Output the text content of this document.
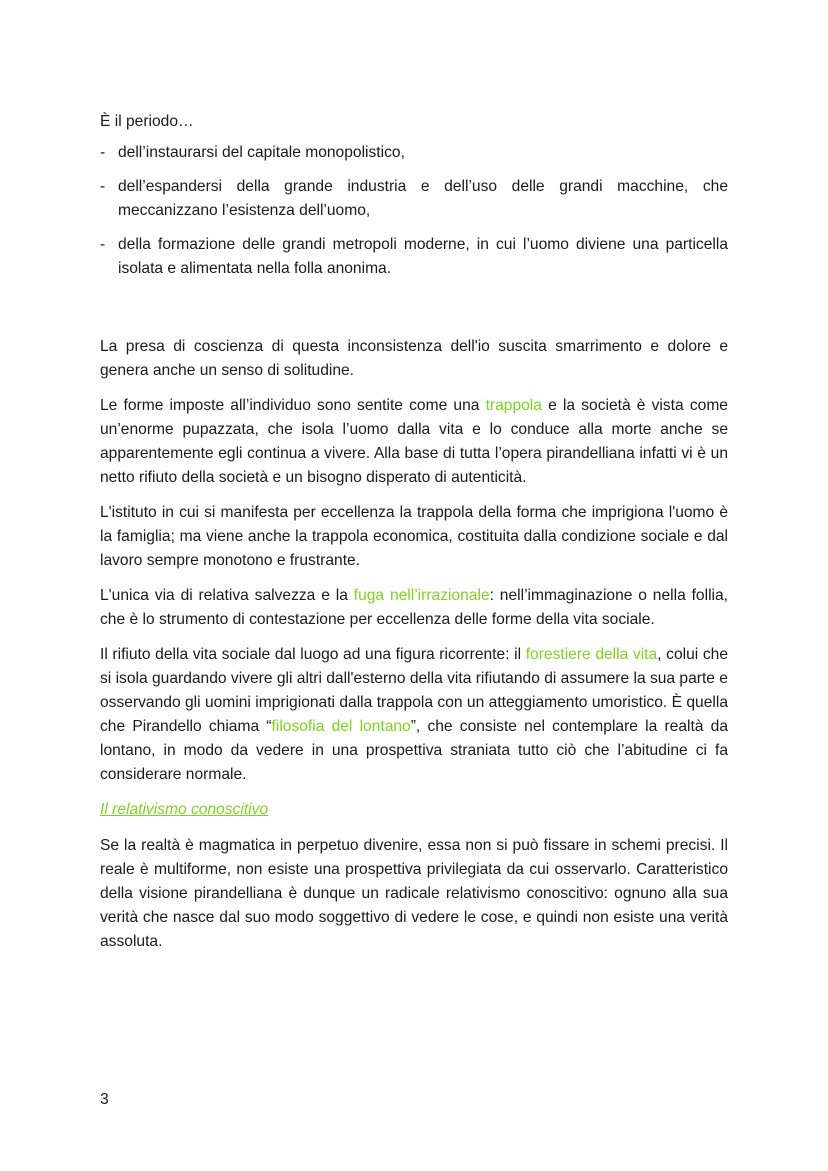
È il periodo…

- dell’instaurarsi del capitale monopolistico,
- dell’espandersi della grande industria e dell’uso delle grandi macchine, che meccanizzano l’esistenza dell’uomo,
- della formazione delle grandi metropoli moderne, in cui l’uomo diviene una particella isolata e alimentata nella folla anonima.

La presa di coscienza di questa inconsistenza dell'io suscita smarrimento e dolore e genera anche un senso di solitudine.

Le forme imposte all’individuo sono sentite come una trappola e la società è vista come un’enorme pupazzata, che isola l’uomo dalla vita e lo conduce alla morte anche se apparentemente egli continua a vivere. Alla base di tutta l’opera pirandelliana infatti vi è un netto rifiuto della società e un bisogno disperato di autenticità.

L'istituto in cui si manifesta per eccellenza la trappola della forma che imprigiona l'uomo è la famiglia; ma viene anche la trappola economica, costituita dalla condizione sociale e dal lavoro sempre monotono e frustrante.

L'unica via di relativa salvezza e la fuga nell’irrazionale: nell’immaginazione o nella follia, che è lo strumento di contestazione per eccellenza delle forme della vita sociale.

Il rifiuto della vita sociale dal luogo ad una figura ricorrente: il forestiere della vita, colui che si isola guardando vivere gli altri dall'esterno della vita rifiutando di assumere la sua parte e osservando gli uomini imprigionati dalla trappola con un atteggiamento umoristico. È quella che Pirandello chiama “filosofia del lontano”, che consiste nel contemplare la realtà da lontano, in modo da vedere in una prospettiva straniata tutto ciò che l’abitudine ci fa considerare normale.

Il relativismo conoscitivo

Se la realtà è magmatica in perpetuo divenire, essa non si può fissare in schemi precisi. Il reale è multiforme, non esiste una prospettiva privilegiata da cui osservarlo. Caratteristico della visione pirandelliana è dunque un radicale relativismo conoscitivo: ognuno alla sua verità che nasce dal suo modo soggettivo di vedere le cose, e quindi non esiste una verità assoluta.

3
